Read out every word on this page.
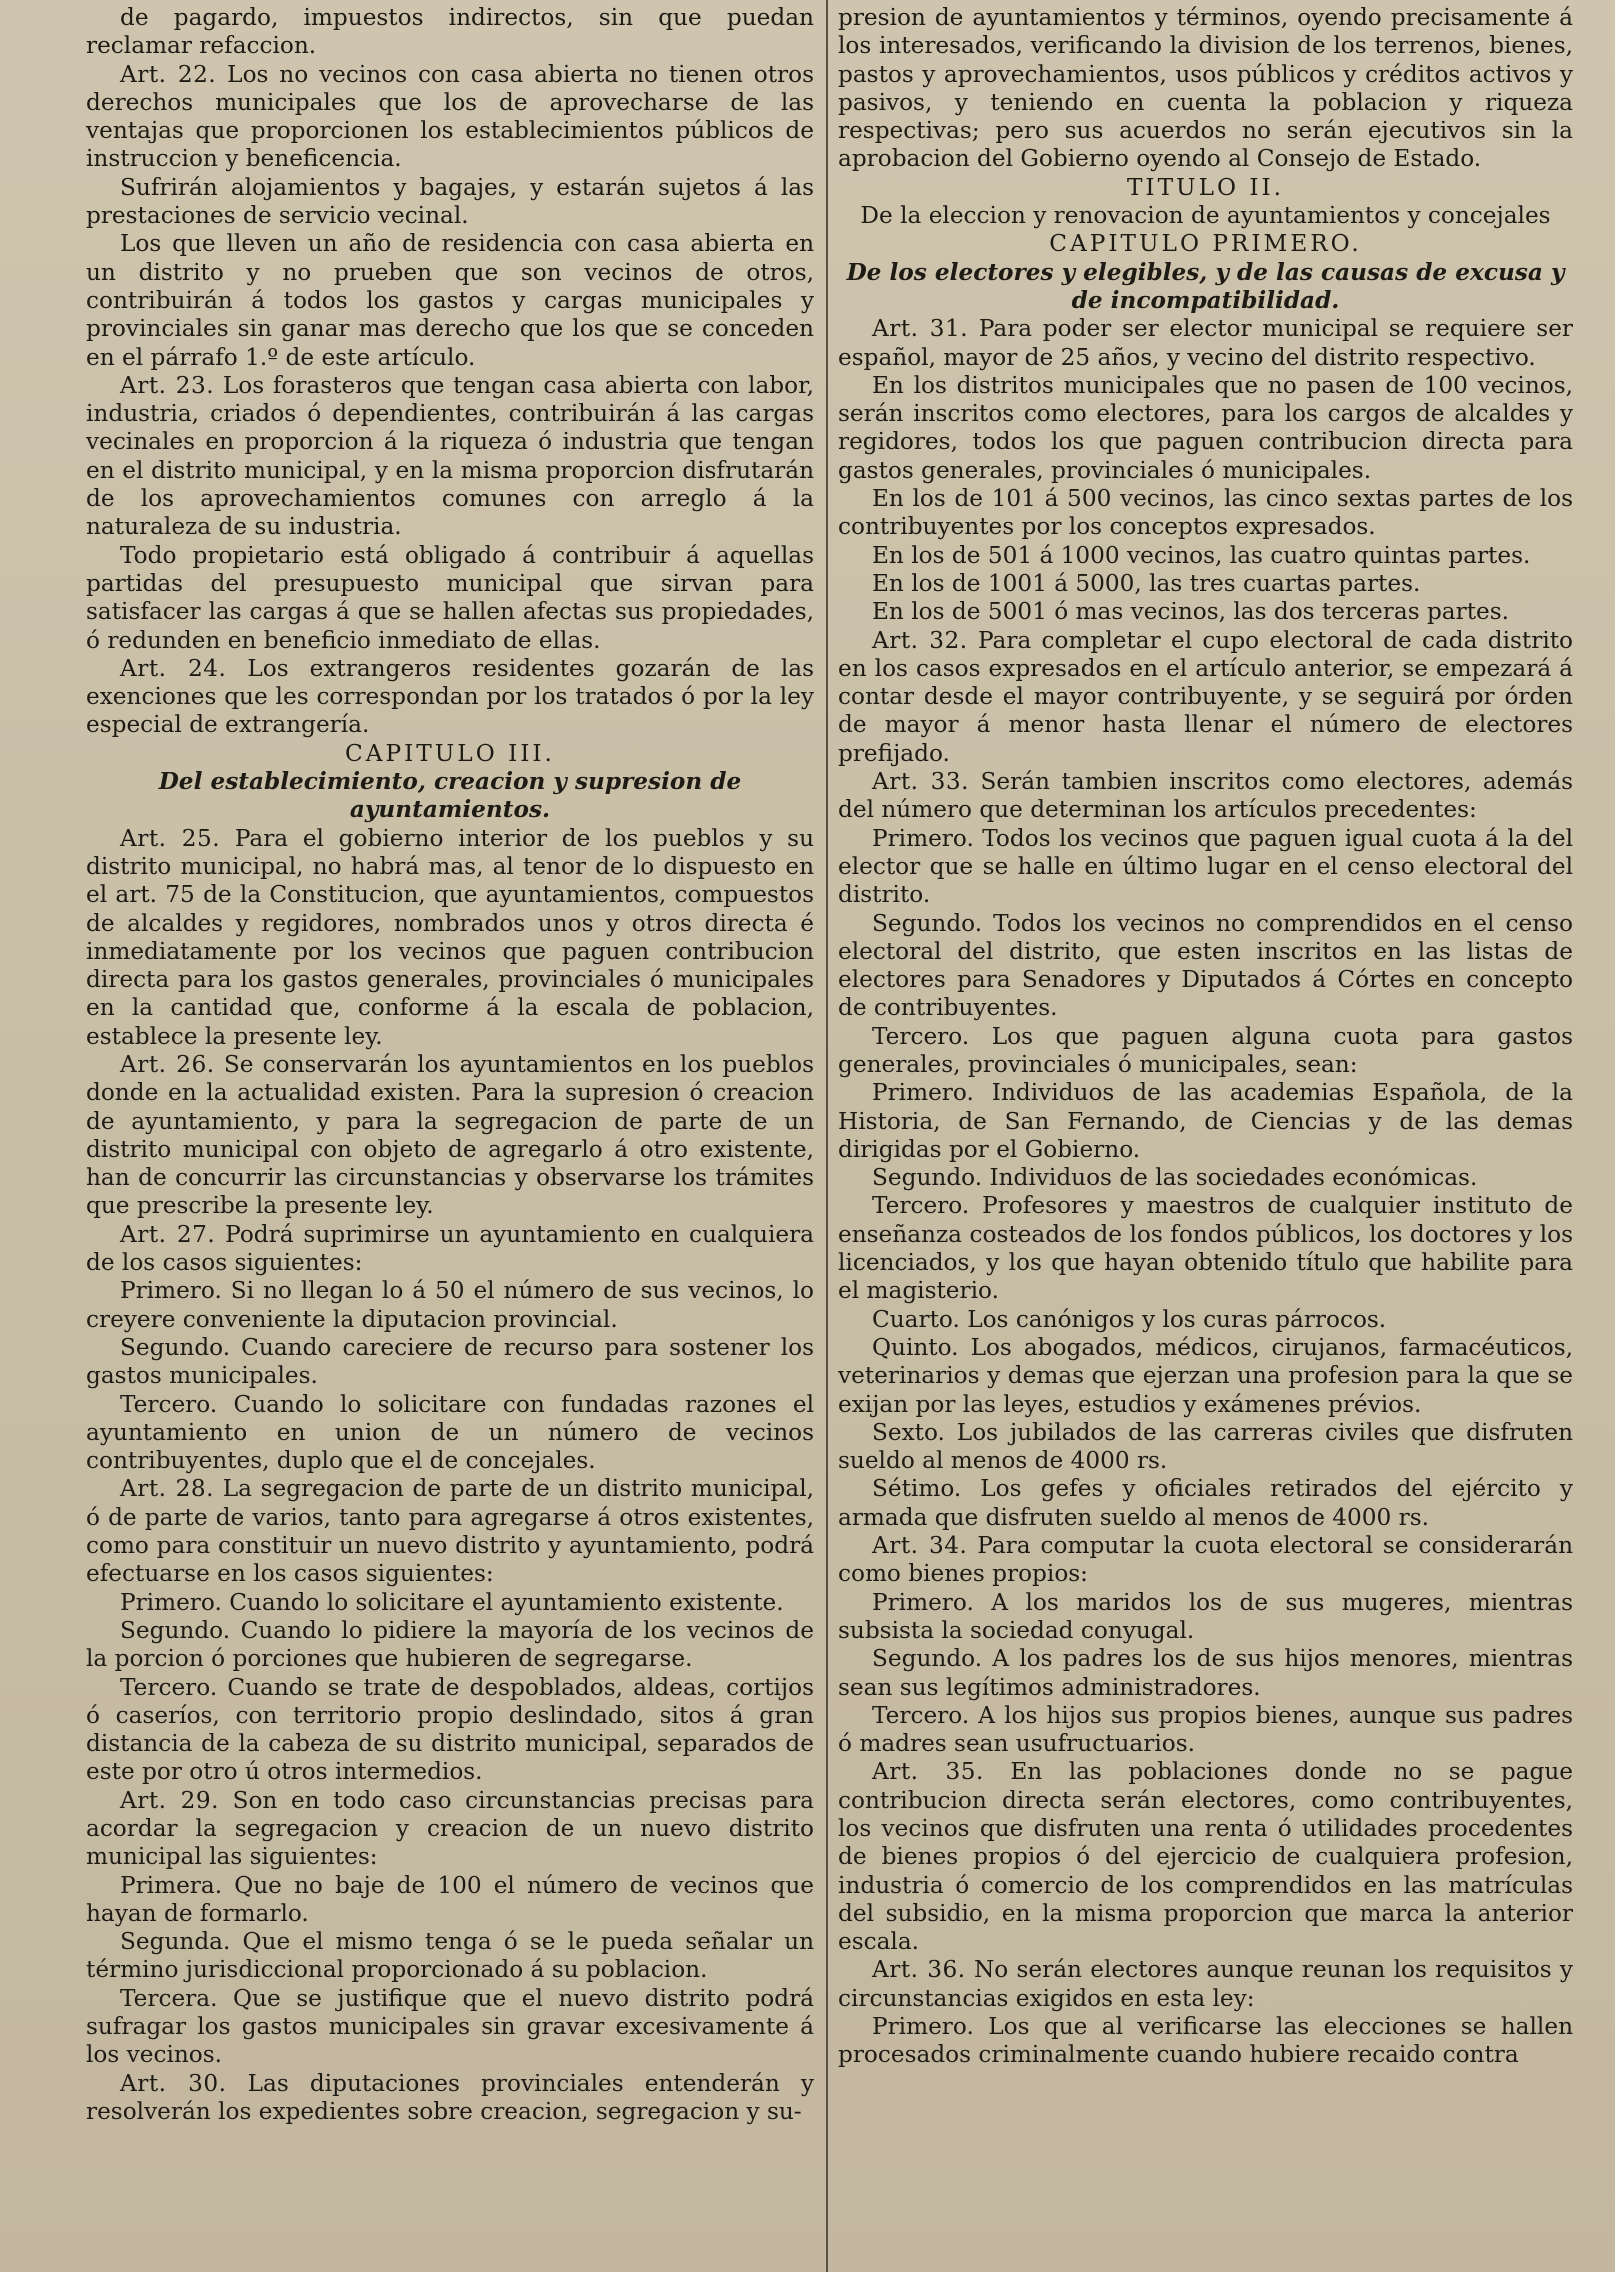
de pagardo, impuestos indirectos, sin que puedan reclamar refaccion.

Art. 22. Los no vecinos con casa abierta no tienen otros derechos municipales que los de aprovecharse de las ventajas que proporcionen los establecimientos públicos de instruccion y beneficencia.

Sufrirán alojamientos y bagajes, y estarán sujetos á las prestaciones de servicio vecinal.

Los que lleven un año de residencia con casa abierta en un distrito y no prueben que son vecinos de otros, contribuirán á todos los gastos y cargas municipales y provinciales sin ganar mas derecho que los que se conceden en el párrafo 1.º de este artículo.

Art. 23. Los forasteros que tengan casa abierta con labor, industria, criados ó dependientes, contribuirán á las cargas vecinales en proporcion á la riqueza ó industria que tengan en el distrito municipal, y en la misma proporcion disfrutarán de los aprovechamientos comunes con arreglo á la naturaleza de su industria.

Todo propietario está obligado á contribuir á aquellas partidas del presupuesto municipal que sirvan para satisfacer las cargas á que se hallen afectas sus propiedades, ó redunden en beneficio inmediato de ellas.

Art. 24. Los extrangeros residentes gozarán de las exenciones que les correspondan por los tratados ó por la ley especial de extrangería.

CAPITULO III.

Del establecimiento, creacion y supresion de ayuntamientos.

Art. 25. Para el gobierno interior de los pueblos y su distrito municipal, no habrá mas, al tenor de lo dispuesto en el art. 75 de la Constitucion, que ayuntamientos, compuestos de alcaldes y regidores, nombrados unos y otros directa é inmediatamente por los vecinos que paguen contribucion directa para los gastos generales, provinciales ó municipales en la cantidad que, conforme á la escala de poblacion, establece la presente ley.

Art. 26. Se conservarán los ayuntamientos en los pueblos donde en la actualidad existen. Para la supresion ó creacion de ayuntamiento, y para la segregacion de parte de un distrito municipal con objeto de agregarlo á otro existente, han de concurrir las circunstancias y observarse los trámites que prescribe la presente ley.

Art. 27. Podrá suprimirse un ayuntamiento en cualquiera de los casos siguientes:

Primero. Si no llegan lo á 50 el número de sus vecinos, lo creyere conveniente la diputacion provincial.

Segundo. Cuando careciere de recurso para sostener los gastos municipales.

Tercero. Cuando lo solicitare con fundadas razones el ayuntamiento en union de un número de vecinos contribuyentes, duplo que el de concejales.

Art. 28. La segregacion de parte de un distrito municipal, ó de parte de varios, tanto para agregarse á otros existentes, como para constituir un nuevo distrito y ayuntamiento, podrá efectuarse en los casos siguientes:

Primero. Cuando lo solicitare el ayuntamiento existente.

Segundo. Cuando lo pidiere la mayoría de los vecinos de la porcion ó porciones que hubieren de segregarse.

Tercero. Cuando se trate de despoblados, aldeas, cortijos ó caseríos, con territorio propio deslindado, sitos á gran distancia de la cabeza de su distrito municipal, separados de este por otro ú otros intermedios.

Art. 29. Son en todo caso circunstancias precisas para acordar la segregacion y creacion de un nuevo distrito municipal las siguientes:

Primera. Que no baje de 100 el número de vecinos que hayan de formarlo.

Segunda. Que el mismo tenga ó se le pueda señalar un término jurisdiccional proporcionado á su poblacion.

Tercera. Que se justifique que el nuevo distrito podrá sufragar los gastos municipales sin gravar excesivamente á los vecinos.

Art. 30. Las diputaciones provinciales entenderán y resolverán los expedientes sobre creacion, segregacion y su-

presion de ayuntamientos y términos, oyendo precisamente á los interesados, verificando la division de los terrenos, bienes, pastos y aprovechamientos, usos públicos y créditos activos y pasivos, y teniendo en cuenta la poblacion y riqueza respectivas; pero sus acuerdos no serán ejecutivos sin la aprobacion del Gobierno oyendo al Consejo de Estado.

TITULO II.

De la eleccion y renovacion de ayuntamientos y concejales

CAPITULO PRIMERO.

De los electores y elegibles, y de las causas de excusa y de incompatibilidad.

Art. 31. Para poder ser elector municipal se requiere ser español, mayor de 25 años, y vecino del distrito respectivo.

En los distritos municipales que no pasen de 100 vecinos, serán inscritos como electores, para los cargos de alcaldes y regidores, todos los que paguen contribucion directa para gastos generales, provinciales ó municipales.

En los de 101 á 500 vecinos, las cinco sextas partes de los contribuyentes por los conceptos expresados.

En los de 501 á 1000 vecinos, las cuatro quintas partes.

En los de 1001 á 5000, las tres cuartas partes.

En los de 5001 ó mas vecinos, las dos terceras partes.

Art. 32. Para completar el cupo electoral de cada distrito en los casos expresados en el artículo anterior, se empezará á contar desde el mayor contribuyente, y se seguirá por órden de mayor á menor hasta llenar el número de electores prefijado.

Art. 33. Serán tambien inscritos como electores, además del número que determinan los artículos precedentes:

Primero. Todos los vecinos que paguen igual cuota á la del elector que se halle en último lugar en el censo electoral del distrito.

Segundo. Todos los vecinos no comprendidos en el censo electoral del distrito, que esten inscritos en las listas de electores para Senadores y Diputados á Córtes en concepto de contribuyentes.

Tercero. Los que paguen alguna cuota para gastos generales, provinciales ó municipales, sean:

Primero. Individuos de las academias Española, de la Historia, de San Fernando, de Ciencias y de las demas dirigidas por el Gobierno.

Segundo. Individuos de las sociedades económicas.

Tercero. Profesores y maestros de cualquier instituto de enseñanza costeados de los fondos públicos, los doctores y los licenciados, y los que hayan obtenido título que habilite para el magisterio.

Cuarto. Los canónigos y los curas párrocos.

Quinto. Los abogados, médicos, cirujanos, farmacéuticos, veterinarios y demas que ejerzan una profesion para la que se exijan por las leyes, estudios y exámenes prévios.

Sexto. Los jubilados de las carreras civiles que disfruten sueldo al menos de 4000 rs.

Sétimo. Los gefes y oficiales retirados del ejército y armada que disfruten sueldo al menos de 4000 rs.

Art. 34. Para computar la cuota electoral se considerarán como bienes propios:

Primero. A los maridos los de sus mugeres, mientras subsista la sociedad conyugal.

Segundo. A los padres los de sus hijos menores, mientras sean sus legítimos administradores.

Tercero. A los hijos sus propios bienes, aunque sus padres ó madres sean usufructuarios.

Art. 35. En las poblaciones donde no se pague contribucion directa serán electores, como contribuyentes, los vecinos que disfruten una renta ó utilidades procedentes de bienes propios ó del ejercicio de cualquiera profesion, industria ó comercio de los comprendidos en las matrículas del subsidio, en la misma proporcion que marca la anterior escala.

Art. 36. No serán electores aunque reunan los requisitos y circunstancias exigidos en esta ley:

Primero. Los que al verificarse las elecciones se hallen procesados criminalmente cuando hubiere recaido contra
